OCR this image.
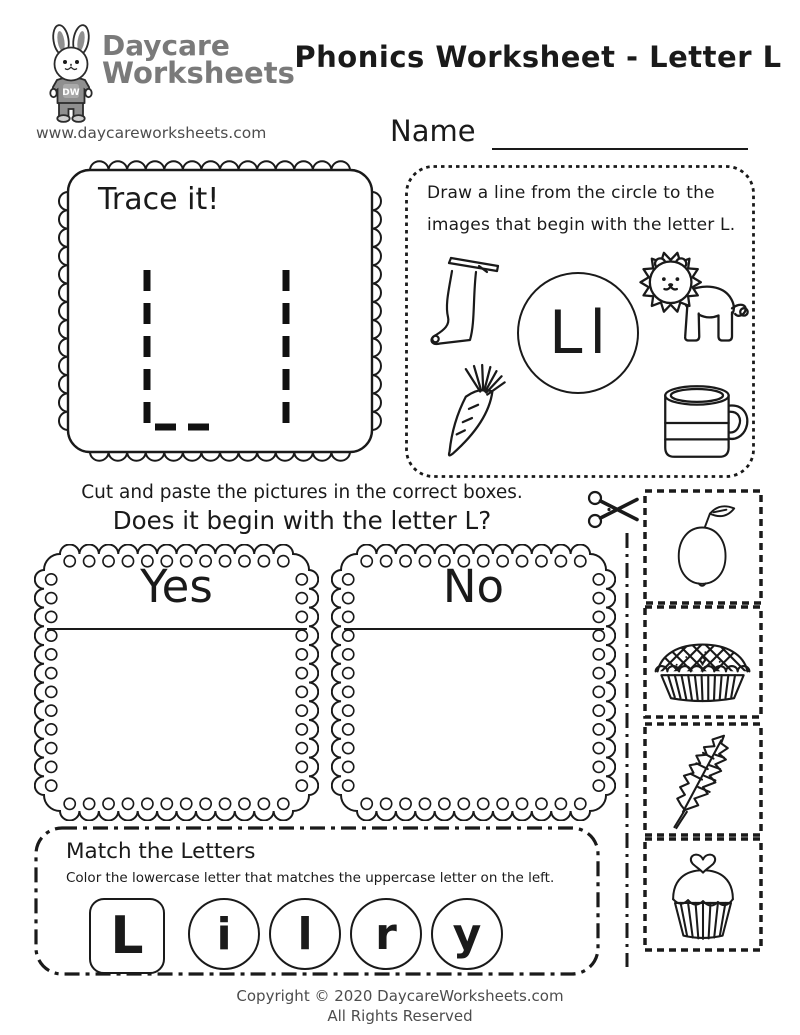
DW
Daycare
Worksheets
www.daycareworksheets.com
Phonics Worksheet - Letter L
Name
Trace it!	Draw a line from the circle to the
images that begin with the letter L.
Ll
Cut and paste the pictures in the correct boxes.
Does it begin with the letter L?
Yes	No
Match the Letters
Color the lowercase letter that matches the uppercase letter on the left.
L i l r y
Copyright © 2020 DaycareWorksheets.com
All Rights Reserved
